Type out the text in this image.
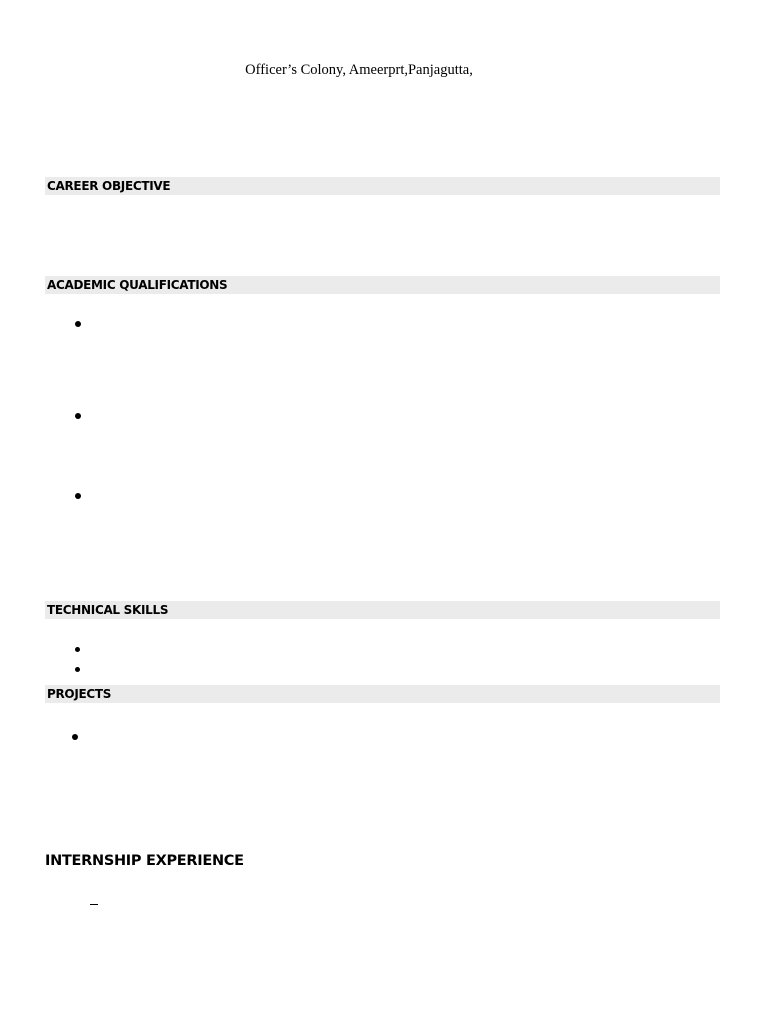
Officer’s Colony, Ameerprt,Panjagutta,
CAREER OBJECTIVE
ACADEMIC QUALIFICATIONS
TECHNICAL SKILLS
PROJECTS
INTERNSHIP EXPERIENCE
